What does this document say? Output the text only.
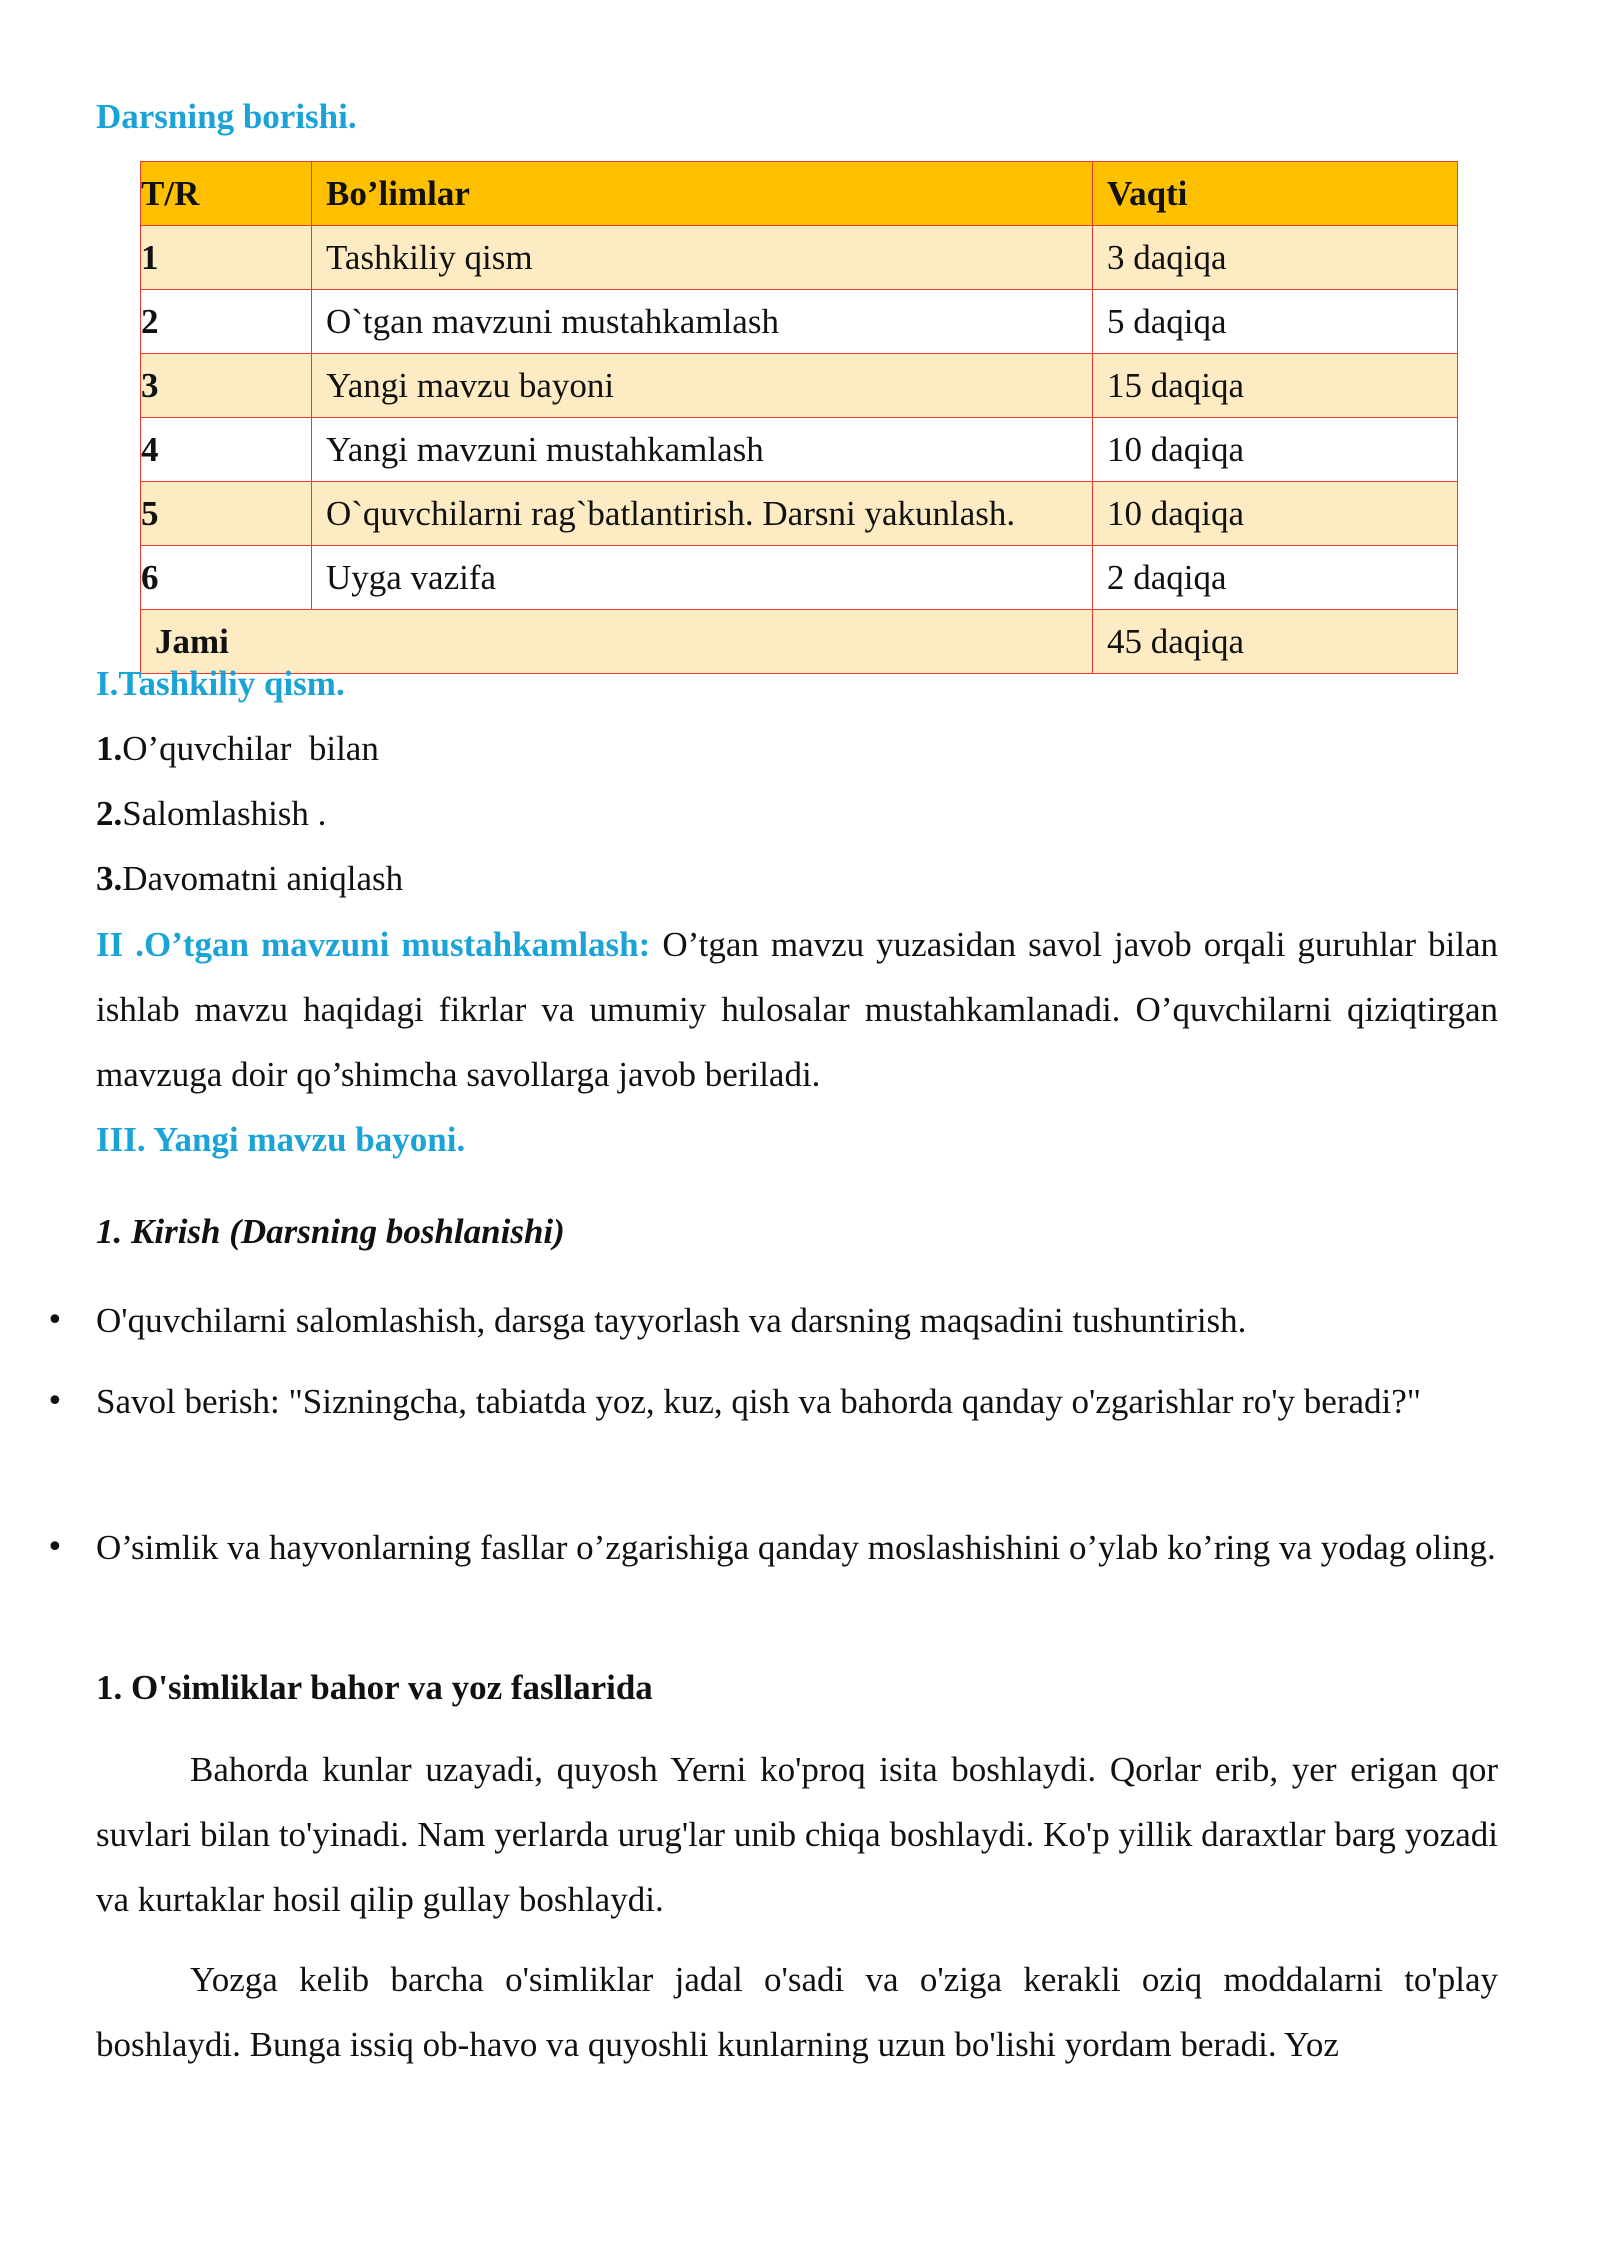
Darsning borishi.
T/R	Bo’limlar	Vaqti
1	Tashkiliy qism	3 daqiqa
2	O`tgan mavzuni mustahkamlash	5 daqiqa
3	Yangi mavzu bayoni	15 daqiqa
4	Yangi mavzuni mustahkamlash	10 daqiqa
5	O`quvchilarni rag`batlantirish. Darsni yakunlash.	10 daqiqa
6	Uyga vazifa	2 daqiqa
Jami		45 daqiqa
I.Tashkiliy qism.
1.O’quvchilar  bilan
2.Salomlashish .
3.Davomatni aniqlash
II .O’tgan mavzuni mustahkamlash: O’tgan mavzu yuzasidan savol javob orqali guruhlar bilan ishlab mavzu haqidagi fikrlar va umumiy hulosalar mustahkamlanadi. O’quvchilarni qiziqtirgan mavzuga doir qo’shimcha savollarga javob beriladi.
III. Yangi mavzu bayoni.
1. Kirish (Darsning boshlanishi)
• O'quvchilarni salomlashish, darsga tayyorlash va darsning maqsadini tushuntirish.
• Savol berish: "Sizningcha, tabiatda yoz, kuz, qish va bahorda qanday o'zgarishlar ro'y beradi?"
• O’simlik va hayvonlarning fasllar o’zgarishiga qanday moslashishini o’ylab ko’ring va yodag oling.
1. O'simliklar bahor va yoz fasllarida
Bahorda kunlar uzayadi, quyosh Yerni ko'proq isita boshlaydi. Qorlar erib, yer erigan qor suvlari bilan to'yinadi. Nam yerlarda urug'lar unib chiqa boshlaydi. Ko'p yillik daraxtlar barg yozadi va kurtaklar hosil qilip gullay boshlaydi.
Yozga kelib barcha o'simliklar jadal o'sadi va o'ziga kerakli oziq moddalarni to'play boshlaydi. Bunga issiq ob-havo va quyoshli kunlarning uzun bo'lishi yordam beradi. Yoz
